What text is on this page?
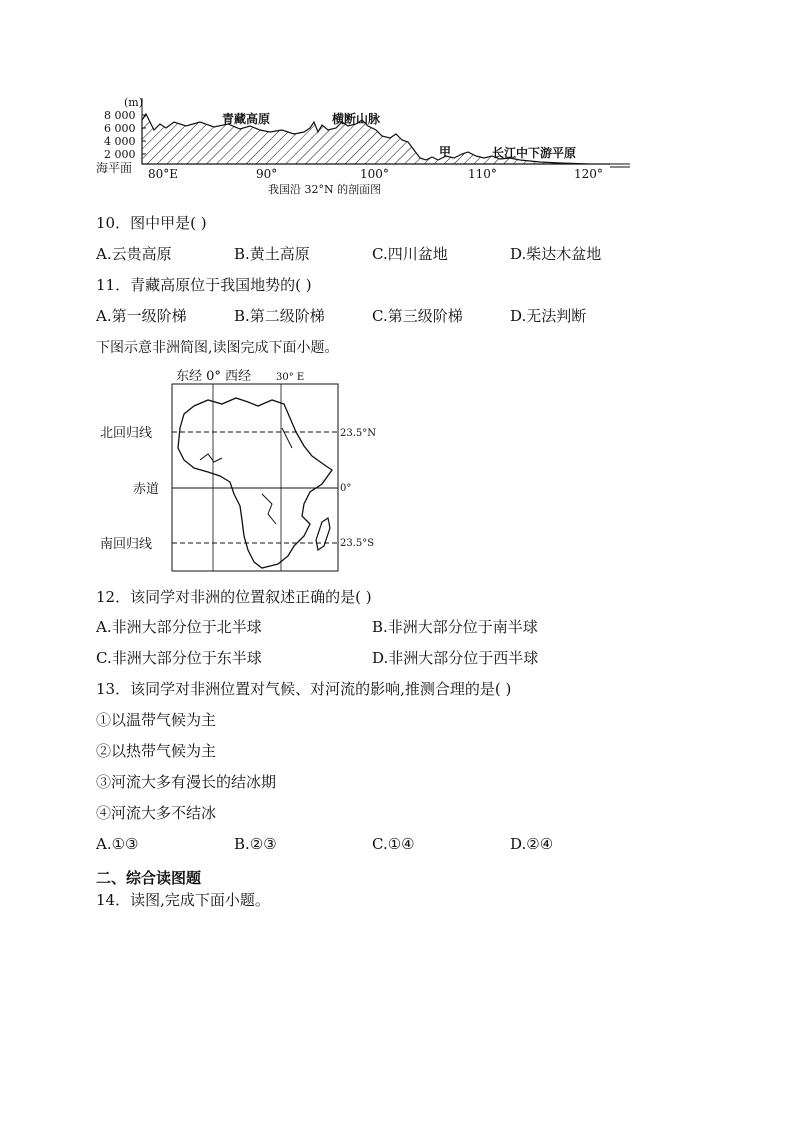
(m)
8 000
6 000
4 000
2 000
海平面 80°E	90°	100°	110°	120°
青藏高原	横断山脉
甲	长江中下游平原
我国沿 32°N 的剖面图
10．图中甲是( )
A.云贵高原	B.黄土高原	C.四川盆地	D.柴达木盆地
11．青藏高原位于我国地势的( )
A.第一级阶梯	B.第二级阶梯	C.第三级阶梯	D.无法判断
下图示意非洲简图,读图完成下面小题。
东经 0° 西经 30° E
北回归线
赤道
南回归线
23.5°N
0°
23.5°S
12．该同学对非洲的位置叙述正确的是( )
A.非洲大部分位于北半球	B.非洲大部分位于南半球
C.非洲大部分位于东半球	D.非洲大部分位于西半球
13．该同学对非洲位置对气候、对河流的影响,推测合理的是( )
①以温带气候为主
②以热带气候为主
③河流大多有漫长的结冰期
④河流大多不结冰
A.①③	B.②③	C.①④	D.②④
二、综合读图题
14．读图,完成下面小题。
